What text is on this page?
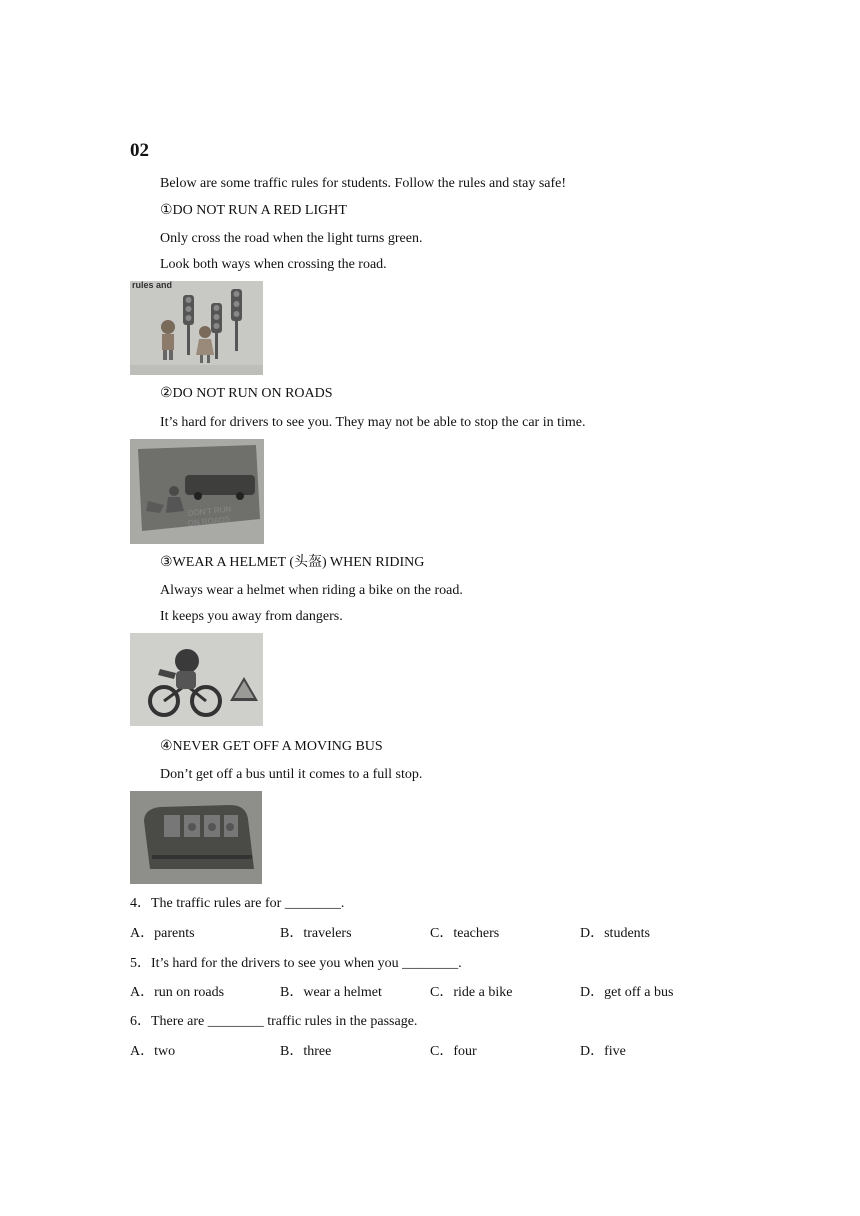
02
Below are some traffic rules for students. Follow the rules and stay safe!
①DO NOT RUN A RED LIGHT
Only cross the road when the light turns green.
Look both ways when crossing the road.
rules and
②DO NOT RUN ON ROADS
It’s hard for drivers to see you. They may not be able to stop the car in time.
DON'T RUN
ON ROADS
③WEAR A HELMET (头盔) WHEN RIDING
Always wear a helmet when riding a bike on the road.
It keeps you away from dangers.
④NEVER GET OFF A MOVING BUS
Don’t get off a bus until it comes to a full stop.
4．The traffic rules are for ________.
A．parents	B．travelers	C．teachers	D．students
5．It’s hard for the drivers to see you when you ________.
A．run on roads	B．wear a helmet	C．ride a bike	D．get off a bus
6．There are ________ traffic rules in the passage.
A．two	B．three	C．four	D．five
